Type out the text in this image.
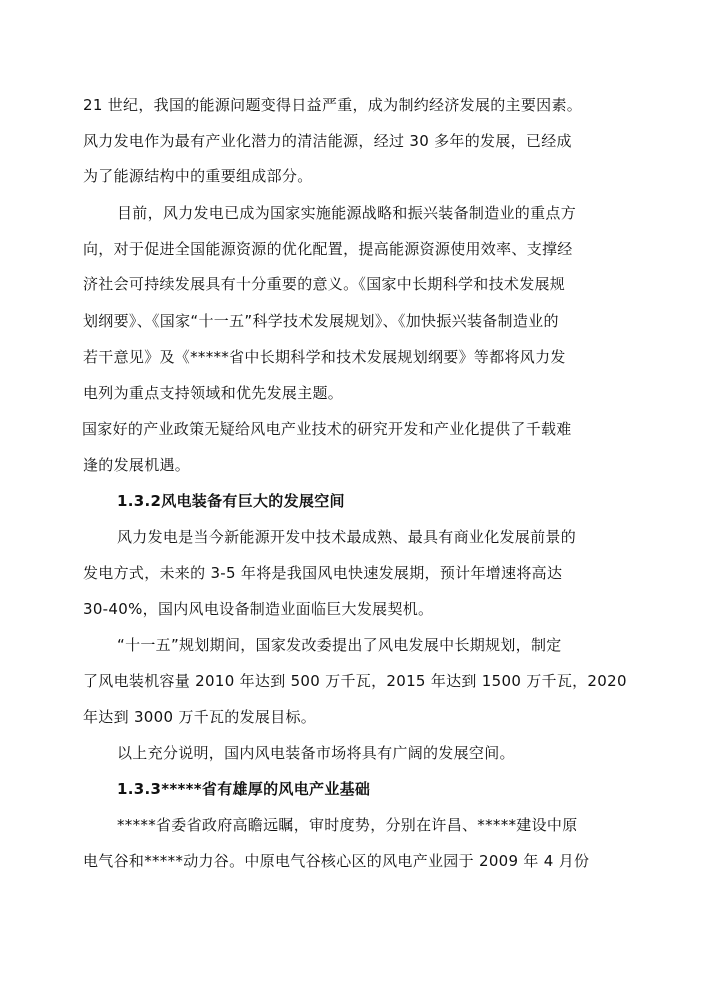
21 世纪，我国的能源问题变得日益严重，成为制约经济发展的主要因素。
风力发电作为最有产业化潜力的清洁能源，经过 30 多年的发展，已经成
为了能源结构中的重要组成部分。
目前，风力发电已成为国家实施能源战略和振兴装备制造业的重点方
向，对于促进全国能源资源的优化配置，提高能源资源使用效率、支撑经
济社会可持续发展具有十分重要的意义。《国家中长期科学和技术发展规
划纲要》、《国家“十一五”科学技术发展规划》、《加快振兴装备制造业的
若干意见》及《*****省中长期科学和技术发展规划纲要》等都将风力发
电列为重点支持领域和优先发展主题。
国家好的产业政策无疑给风电产业技术的研究开发和产业化提供了千载难
逢的发展机遇。
1.3.2风电装备有巨大的发展空间
风力发电是当今新能源开发中技术最成熟、最具有商业化发展前景的
发电方式，未来的 3-5 年将是我国风电快速发展期，预计年增速将高达
30-40%，国内风电设备制造业面临巨大发展契机。
“十一五”规划期间，国家发改委提出了风电发展中长期规划，制定
了风电装机容量 2010 年达到 500 万千瓦，2015 年达到 1500 万千瓦，2020
年达到 3000 万千瓦的发展目标。
以上充分说明，国内风电装备市场将具有广阔的发展空间。
1.3.3*****省有雄厚的风电产业基础
*****省委省政府高瞻远瞩，审时度势，分别在许昌、*****建设中原
电气谷和*****动力谷。中原电气谷核心区的风电产业园于 2009 年 4 月份
